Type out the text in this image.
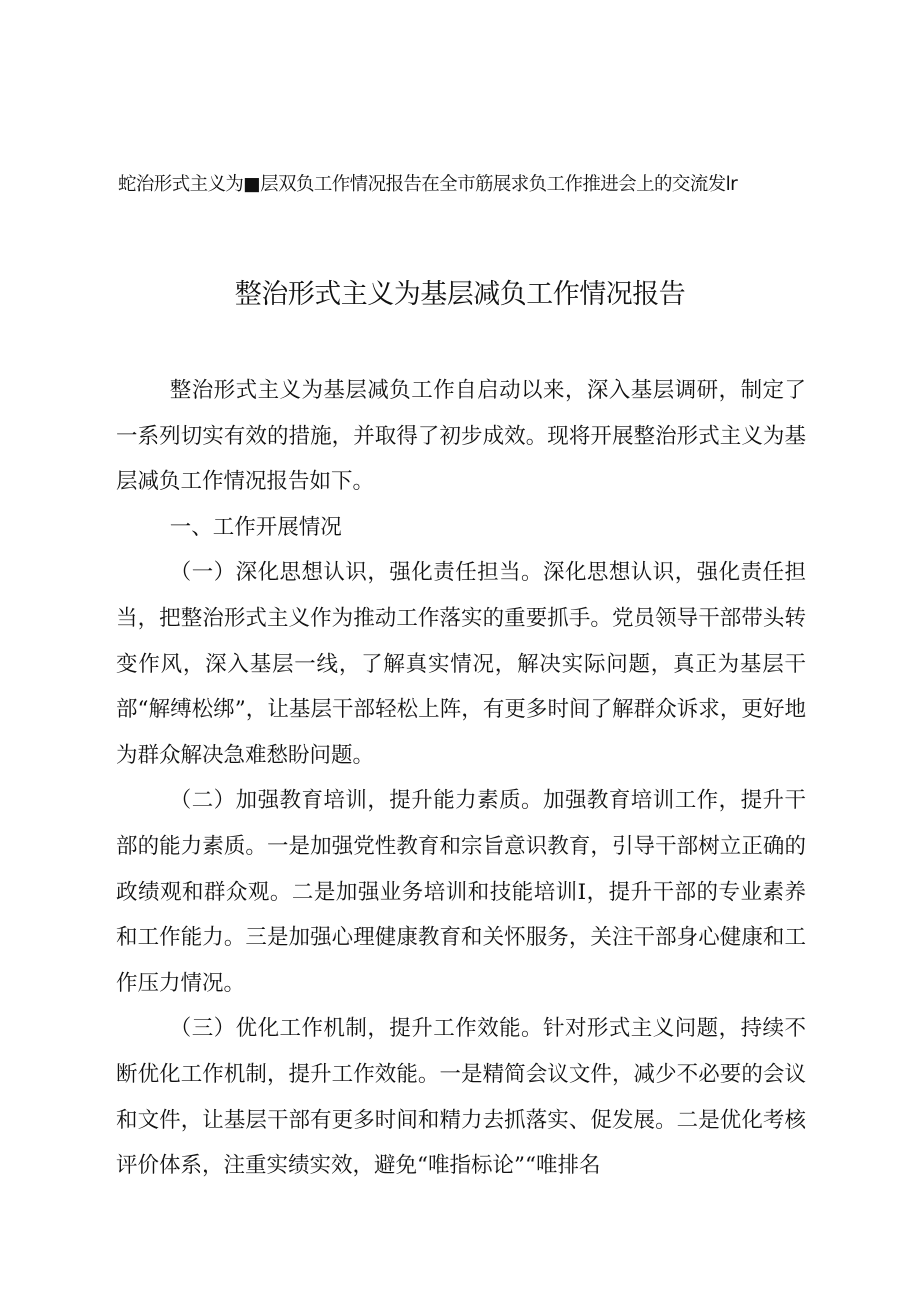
蛇治形式主义为■层双负工作情况报告在全市筋展求负工作推进会上的交流发lr
整治形式主义为基层减负工作情况报告

整治形式主义为基层减负工作自启动以来，深入基层调研，制定了一系列切实有效的措施，并取得了初步成效。现将开展整治形式主义为基层减负工作情况报告如下。

一、工作开展情况

（一）深化思想认识，强化责任担当。深化思想认识，强化责任担当，把整治形式主义作为推动工作落实的重要抓手。党员领导干部带头转变作风，深入基层一线，了解真实情况，解决实际问题，真正为基层干部“解缚松绑”，让基层干部轻松上阵，有更多时间了解群众诉求，更好地为群众解决急难愁盼问题。

（二）加强教育培训，提升能力素质。加强教育培训工作，提升干部的能力素质。一是加强党性教育和宗旨意识教育，引导干部树立正确的政绩观和群众观。二是加强业务培训和技能培训I，提升干部的专业素养和工作能力。三是加强心理健康教育和关怀服务，关注干部身心健康和工作压力情况。

（三）优化工作机制，提升工作效能。针对形式主义问题，持续不断优化工作机制，提升工作效能。一是精简会议文件，减少不必要的会议和文件，让基层干部有更多时间和精力去抓落实、促发展。二是优化考核评价体系，注重实绩实效，避免“唯指标论”“唯排名
